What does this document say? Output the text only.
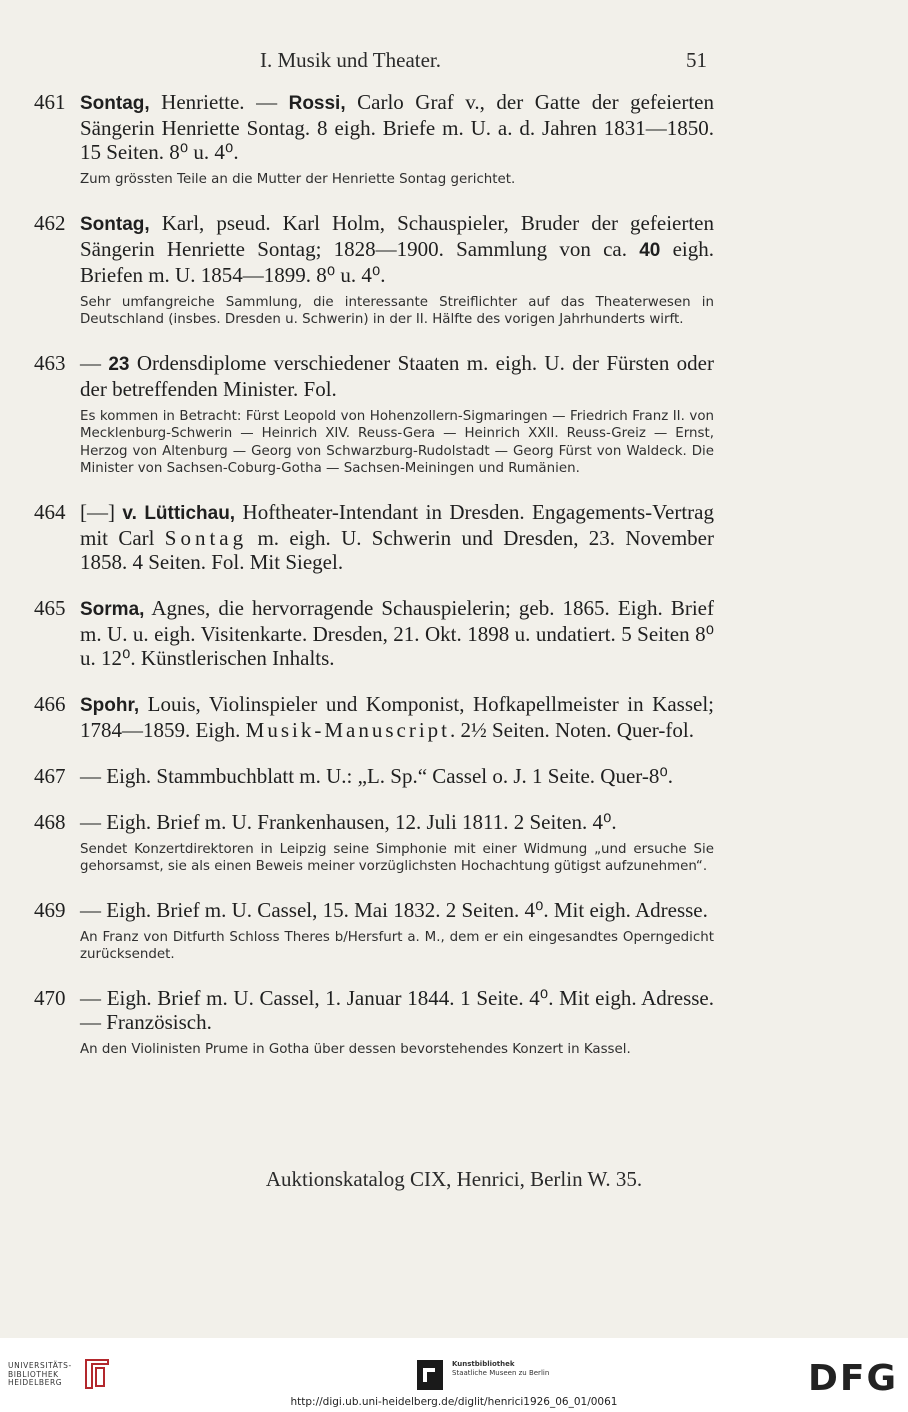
I. Musik und Theater.	51
461 Sontag, Henriette. — Rossi, Carlo Graf v., der Gatte der gefeierten Sängerin Henriette Sontag. 8 eigh. Briefe m. U. a. d. Jahren 1831—1850. 15 Seiten. 8⁰ u. 4⁰.
Zum grössten Teile an die Mutter der Henriette Sontag gerichtet.
462 Sontag, Karl, pseud. Karl Holm, Schauspieler, Bruder der gefeierten Sängerin Henriette Sontag; 1828—1900. Sammlung von ca. 40 eigh. Briefen m. U. 1854—1899. 8⁰ u. 4⁰.
Sehr umfangreiche Sammlung, die interessante Streiflichter auf das Theaterwesen in Deutschland (insbes. Dresden u. Schwerin) in der II. Hälfte des vorigen Jahrhunderts wirft.
463 — 23 Ordensdiplome verschiedener Staaten m. eigh. U. der Fürsten oder der betreffenden Minister. Fol.
Es kommen in Betracht: Fürst Leopold von Hohenzollern-Sigmaringen — Friedrich Franz II. von Mecklenburg-Schwerin — Heinrich XIV. Reuss-Gera — Heinrich XXII. Reuss-Greiz — Ernst, Herzog von Altenburg — Georg von Schwarzburg-Rudolstadt — Georg Fürst von Waldeck. Die Minister von Sachsen-Coburg-Gotha — Sachsen-Meiningen und Rumänien.
464 [—] v. Lüttichau, Hoftheater-Intendant in Dresden. Engagements-Vertrag mit Carl Sontag m. eigh. U. Schwerin und Dresden, 23. November 1858. 4 Seiten. Fol. Mit Siegel.
465 Sorma, Agnes, die hervorragende Schauspielerin; geb. 1865. Eigh. Brief m. U. u. eigh. Visitenkarte. Dresden, 21. Okt. 1898 u. undatiert. 5 Seiten 8⁰ u. 12⁰. Künstlerischen Inhalts.
466 Spohr, Louis, Violinspieler und Komponist, Hofkapellmeister in Kassel; 1784—1859. Eigh. Musik-Manuscript. 2½ Seiten. Noten. Quer-fol.
467 — Eigh. Stammbuchblatt m. U.: „L. Sp.“ Cassel o. J. 1 Seite. Quer-8⁰.
468 — Eigh. Brief m. U. Frankenhausen, 12. Juli 1811. 2 Seiten. 4⁰.
Sendet Konzertdirektoren in Leipzig seine Simphonie mit einer Widmung „und ersuche Sie gehorsamst, sie als einen Beweis meiner vorzüglichsten Hochachtung gütigst aufzunehmen“.
469 — Eigh. Brief m. U. Cassel, 15. Mai 1832. 2 Seiten. 4⁰. Mit eigh. Adresse.
An Franz von Ditfurth Schloss Theres b/Hersfurt a. M., dem er ein eingesandtes Operngedicht zurücksendet.
470 — Eigh. Brief m. U. Cassel, 1. Januar 1844. 1 Seite. 4⁰. Mit eigh. Adresse. — Französisch.
An den Violinisten Prume in Gotha über dessen bevorstehendes Konzert in Kassel.
Auktionskatalog CIX, Henrici, Berlin W. 35.
UNIVERSITÄTS-
BIBLIOTHEK
HEIDELBERG
Kunstbibliothek
Staatliche Museen zu Berlin	DFG
http://digi.ub.uni-heidelberg.de/diglit/henrici1926_06_01/0061
